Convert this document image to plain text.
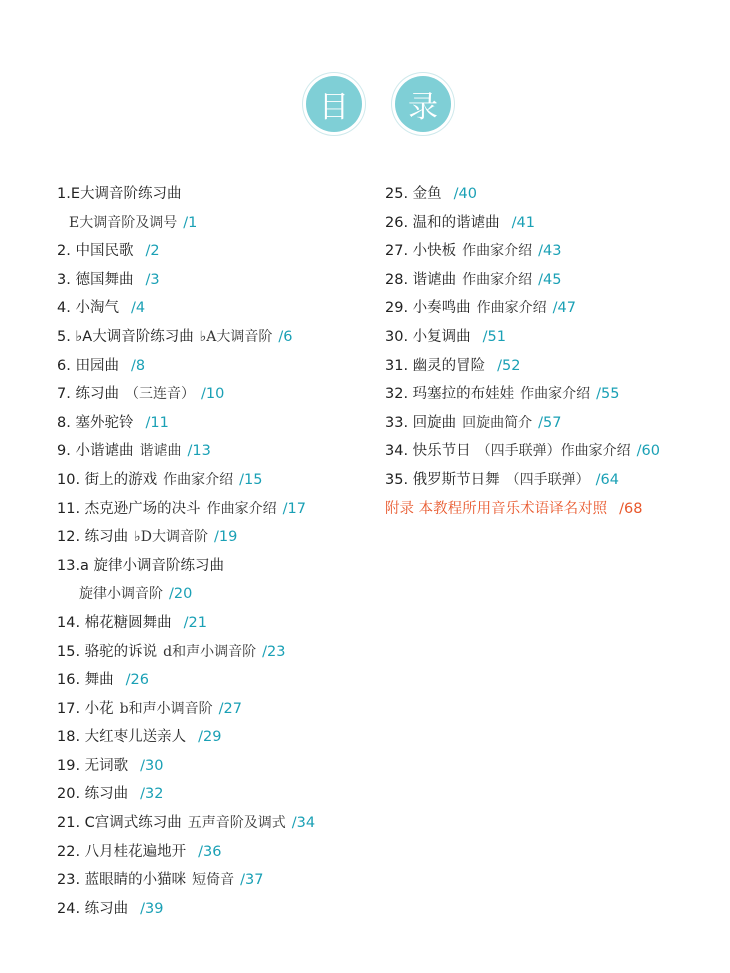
目 录
1.E大调音阶练习曲
E大调音阶及调号 /1
2. 中国民歌 /2
3. 德国舞曲 /3
4. 小淘气 /4
5. ♭A大调音阶练习曲 ♭A大调音阶 /6
6. 田园曲 /8
7. 练习曲 （三连音） /10
8. 塞外驼铃 /11
9. 小谐谑曲 谐谑曲 /13
10. 街上的游戏 作曲家介绍 /15
11. 杰克逊广场的决斗 作曲家介绍 /17
12. 练习曲 ♭D大调音阶 /19
13.a 旋律小调音阶练习曲
旋律小调音阶 /20
14. 棉花糖圆舞曲 /21
15. 骆驼的诉说 d和声小调音阶 /23
16. 舞曲 /26
17. 小花 b和声小调音阶 /27
18. 大红枣儿送亲人 /29
19. 无词歌 /30
20. 练习曲 /32
21. C宫调式练习曲 五声音阶及调式 /34
22. 八月桂花遍地开 /36
23. 蓝眼睛的小猫咪 短倚音 /37
24. 练习曲 /39
25. 金鱼 /40
26. 温和的谐谑曲 /41
27. 小快板 作曲家介绍 /43
28. 谐谑曲 作曲家介绍 /45
29. 小奏鸣曲 作曲家介绍 /47
30. 小复调曲 /51
31. 幽灵的冒险 /52
32. 玛塞拉的布娃娃 作曲家介绍 /55
33. 回旋曲 回旋曲简介 /57
34. 快乐节日 （四手联弹）作曲家介绍 /60
35. 俄罗斯节日舞 （四手联弹） /64
附录 本教程所用音乐术语译名对照 /68
